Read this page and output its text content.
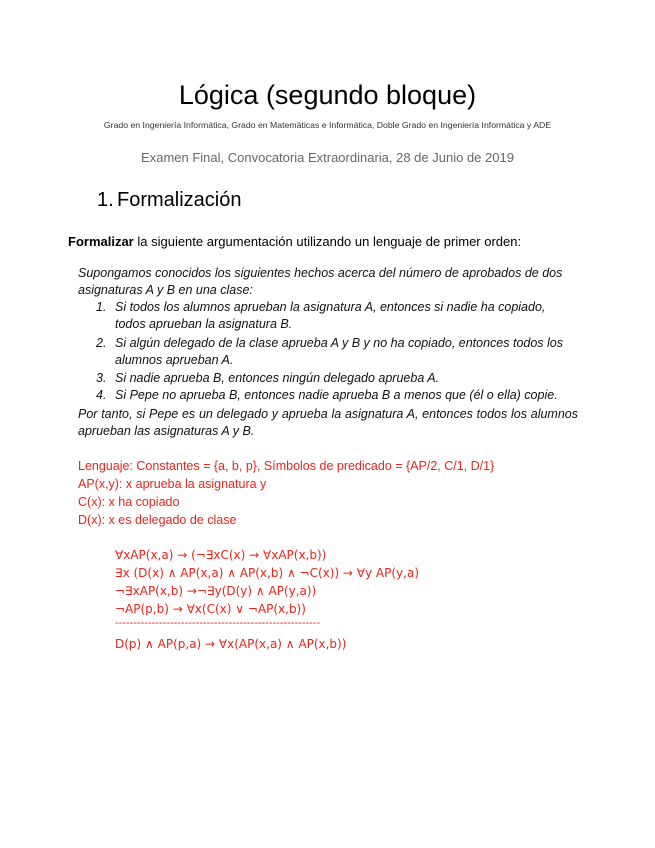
Lógica (segundo bloque)
Grado en Ingeniería Informática, Grado en Matemáticas e Informática, Doble Grado en Ingeniería Informática y ADE
Examen Final, Convocatoria Extraordinaria, 28 de Junio de 2019
1. Formalización
Formalizar la siguiente argumentación utilizando un lenguaje de primer orden:
Supongamos conocidos los siguientes hechos acerca del número de aprobados de dos asignaturas A y B en una clase:
1. Si todos los alumnos aprueban la asignatura A, entonces si nadie ha copiado, todos aprueban la asignatura B.
2. Si algún delegado de la clase aprueba A y B y no ha copiado, entonces todos los alumnos aprueban A.
3. Si nadie aprueba B, entonces ningún delegado aprueba A.
4. Si Pepe no aprueba B, entonces nadie aprueba B a menos que (él o ella) copie.
Por tanto, si Pepe es un delegado y aprueba la asignatura A, entonces todos los alumnos aprueban las asignaturas A y B.
Lenguaje: Constantes = {a, b, p}, Símbolos de predicado = {AP/2, C/1, D/1}
AP(x,y): x aprueba la asignatura y
C(x): x ha copiado
D(x): x es delegado de clase
∀xAP(x,a) → (¬∃xC(x) → ∀xAP(x,b))
∃x (D(x) ∧ AP(x,a) ∧ AP(x,b) ∧ ¬C(x)) → ∀y AP(y,a)
¬∃xAP(x,b) →¬∃y(D(y) ∧ AP(y,a))
¬AP(p,b) → ∀x(C(x) ∨ ¬AP(x,b))
--------------------------------------------------------
D(p) ∧ AP(p,a) → ∀x(AP(x,a) ∧ AP(x,b))
